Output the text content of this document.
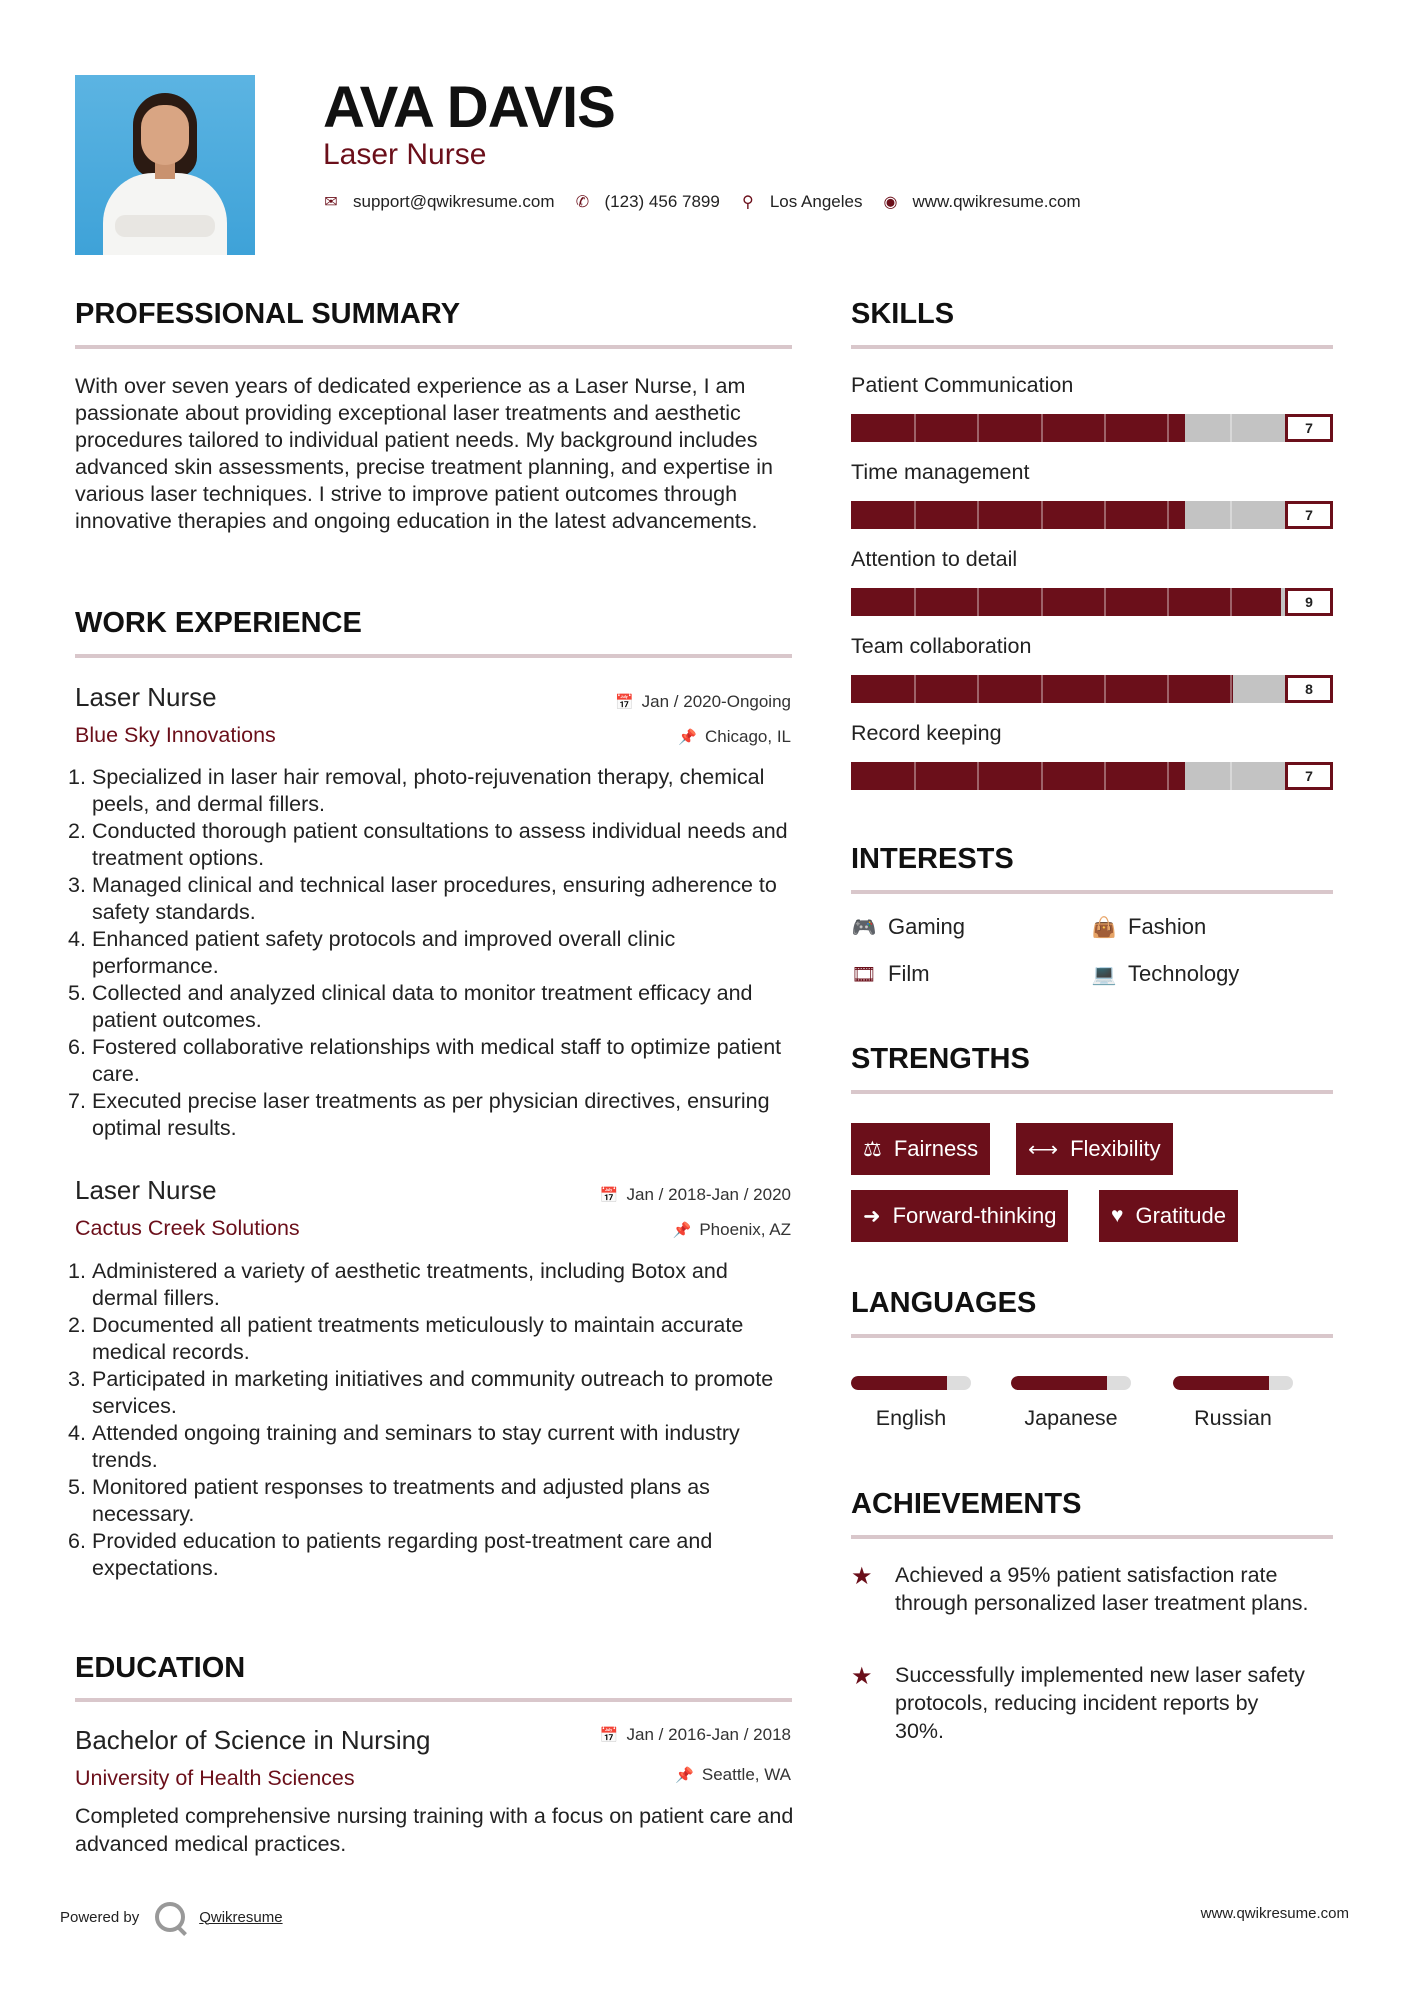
AVA DAVIS
Laser Nurse
✉ support@qwikresume.com ✆ (123) 456 7899 ⚲ Los Angeles ◉ www.qwikresume.com
PROFESSIONAL SUMMARY
With over seven years of dedicated experience as a Laser Nurse, I am passionate about providing exceptional laser treatments and aesthetic procedures tailored to individual patient needs. My background includes advanced skin assessments, precise treatment planning, and expertise in various laser techniques. I strive to improve patient outcomes through innovative therapies and ongoing education in the latest advancements.
WORK EXPERIENCE
Laser Nurse
Blue Sky Innovations
📅 Jan / 2020-Ongoing
📌 Chicago, IL
1. Specialized in laser hair removal, photo-rejuvenation therapy, chemical peels, and dermal fillers.
2. Conducted thorough patient consultations to assess individual needs and treatment options.
3. Managed clinical and technical laser procedures, ensuring adherence to safety standards.
4. Enhanced patient safety protocols and improved overall clinic performance.
5. Collected and analyzed clinical data to monitor treatment efficacy and patient outcomes.
6. Fostered collaborative relationships with medical staff to optimize patient care.
7. Executed precise laser treatments as per physician directives, ensuring optimal results.
Laser Nurse
Cactus Creek Solutions
📅 Jan / 2018-Jan / 2020
📌 Phoenix, AZ
1. Administered a variety of aesthetic treatments, including Botox and dermal fillers.
2. Documented all patient treatments meticulously to maintain accurate medical records.
3. Participated in marketing initiatives and community outreach to promote services.
4. Attended ongoing training and seminars to stay current with industry trends.
5. Monitored patient responses to treatments and adjusted plans as necessary.
6. Provided education to patients regarding post-treatment care and expectations.
EDUCATION
Bachelor of Science in Nursing
University of Health Sciences
📅 Jan / 2016-Jan / 2018
📌 Seattle, WA
Completed comprehensive nursing training with a focus on patient care and advanced medical practices.
SKILLS
Patient Communication
7
Time management
7
Attention to detail
9
Team collaboration
8
Record keeping
7
INTERESTS
🎮 Gaming	👜 Fashion
🎞 Film	💻 Technology
STRENGTHS
⚖ Fairness ⟷ Flexibility
➜ Forward-thinking	♥ Gratitude
LANGUAGES
English	Japanese	Russian
ACHIEVEMENTS
★ Achieved a 95% patient satisfaction rate through personalized laser treatment plans.
★ Successfully implemented new laser safety protocols, reducing incident reports by 30%.
Powered by	Qwikresume	www.qwikresume.com
